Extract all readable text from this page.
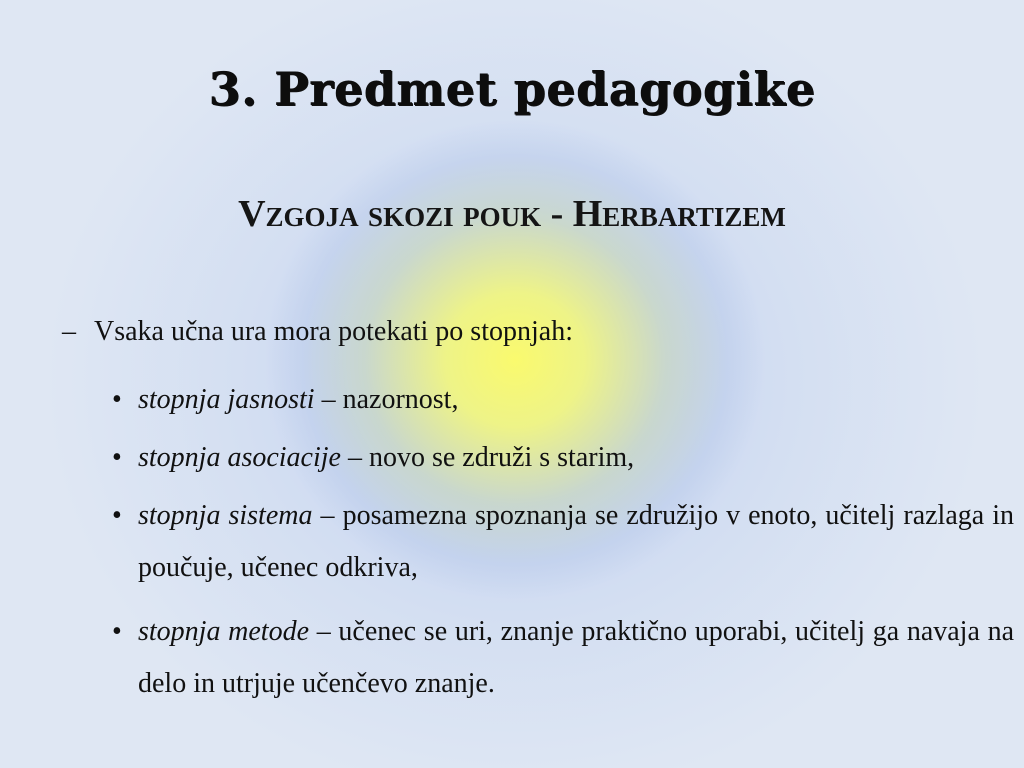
3. Predmet pedagogike
Vzgoja skozi pouk - Herbartizem
– Vsaka učna ura mora potekati po stopnjah:
• stopnja jasnosti – nazornost,
• stopnja asociacije – novo se združi s starim,
• stopnja sistema – posamezna spoznanja se združijo v enoto, učitelj razlaga in poučuje, učenec odkriva,
• stopnja metode – učenec se uri, znanje praktično uporabi, učitelj ga navaja na delo in utrjuje učenčevo znanje.
